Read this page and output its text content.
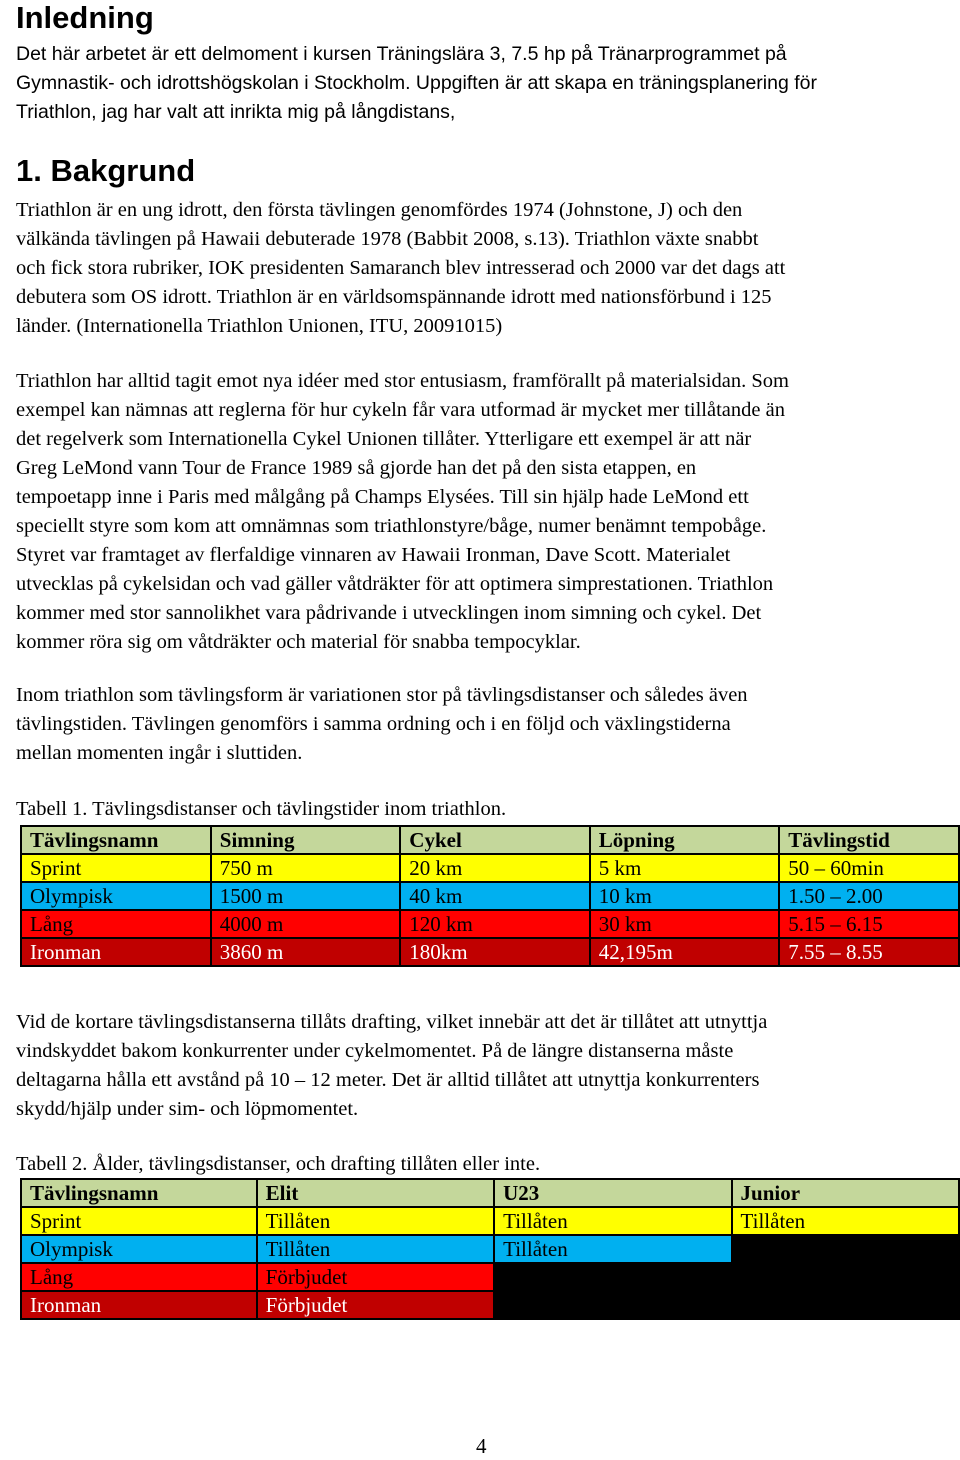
Inledning

Det här arbetet är ett delmoment i kursen Träningslära 3, 7.5 hp på Tränarprogrammet på

Gymnastik- och idrottshögskolan i Stockholm. Uppgiften är att skapa en träningsplanering för

Triathlon, jag har valt att inrikta mig på långdistans,

1. Bakgrund

Triathlon är en ung idrott, den första tävlingen genomfördes 1974 (Johnstone, J) och den

välkända tävlingen på Hawaii debuterade 1978 (Babbit 2008, s.13). Triathlon växte snabbt

och fick stora rubriker, IOK presidenten Samaranch blev intresserad och 2000 var det dags att

debutera som OS idrott. Triathlon är en världsomspännande idrott med nationsförbund i 125

länder. (Internationella Triathlon Unionen, ITU, 20091015)

Triathlon har alltid tagit emot nya idéer med stor entusiasm, framförallt på materialsidan. Som

exempel kan nämnas att reglerna för hur cykeln får vara utformad är mycket mer tillåtande än

det regelverk som Internationella Cykel Unionen tillåter. Ytterligare ett exempel är att när

Greg LeMond vann Tour de France 1989 så gjorde han det på den sista etappen, en

tempoetapp inne i Paris med målgång på Champs Elysées. Till sin hjälp hade LeMond ett

speciellt styre som kom att omnämnas som triathlonstyre/båge, numer benämnt tempobåge.

Styret var framtaget av flerfaldige vinnaren av Hawaii Ironman, Dave Scott. Materialet

utvecklas på cykelsidan och vad gäller våtdräkter för att optimera simprestationen. Triathlon

kommer med stor sannolikhet vara pådrivande i utvecklingen inom simning och cykel. Det

kommer röra sig om våtdräkter och material för snabba tempocyklar.

Inom triathlon som tävlingsform är variationen stor på tävlingsdistanser och således även

tävlingstiden. Tävlingen genomförs i samma ordning och i en följd och växlingstiderna

mellan momenten ingår i sluttiden.

Tabell 1. Tävlingsdistanser och tävlingstider inom triathlon.

Tävlingsnamn	Simning	Cykel	Löpning	Tävlingstid
Sprint	750 m	20 km	5 km	50 – 60min
Olympisk	1500 m	40 km	10 km	1.50 – 2.00
Lång	4000 m	120 km	30 km	5.15 – 6.15
Ironman	3860 m	180km	42,195m	7.55 – 8.55

Vid de kortare tävlingsdistanserna tillåts drafting, vilket innebär att det är tillåtet att utnyttja

vindskyddet bakom konkurrenter under cykelmomentet. På de längre distanserna måste

deltagarna hålla ett avstånd på 10 – 12 meter. Det är alltid tillåtet att utnyttja konkurrenters

skydd/hjälp under sim- och löpmomentet.

Tabell 2. Ålder, tävlingsdistanser, och drafting tillåten eller inte.

Tävlingsnamn	Elit	U23	Junior
Sprint	Tillåten	Tillåten	Tillåten
Olympisk	Tillåten	Tillåten	
Lång	Förbjudet		
Ironman	Förbjudet		
4
